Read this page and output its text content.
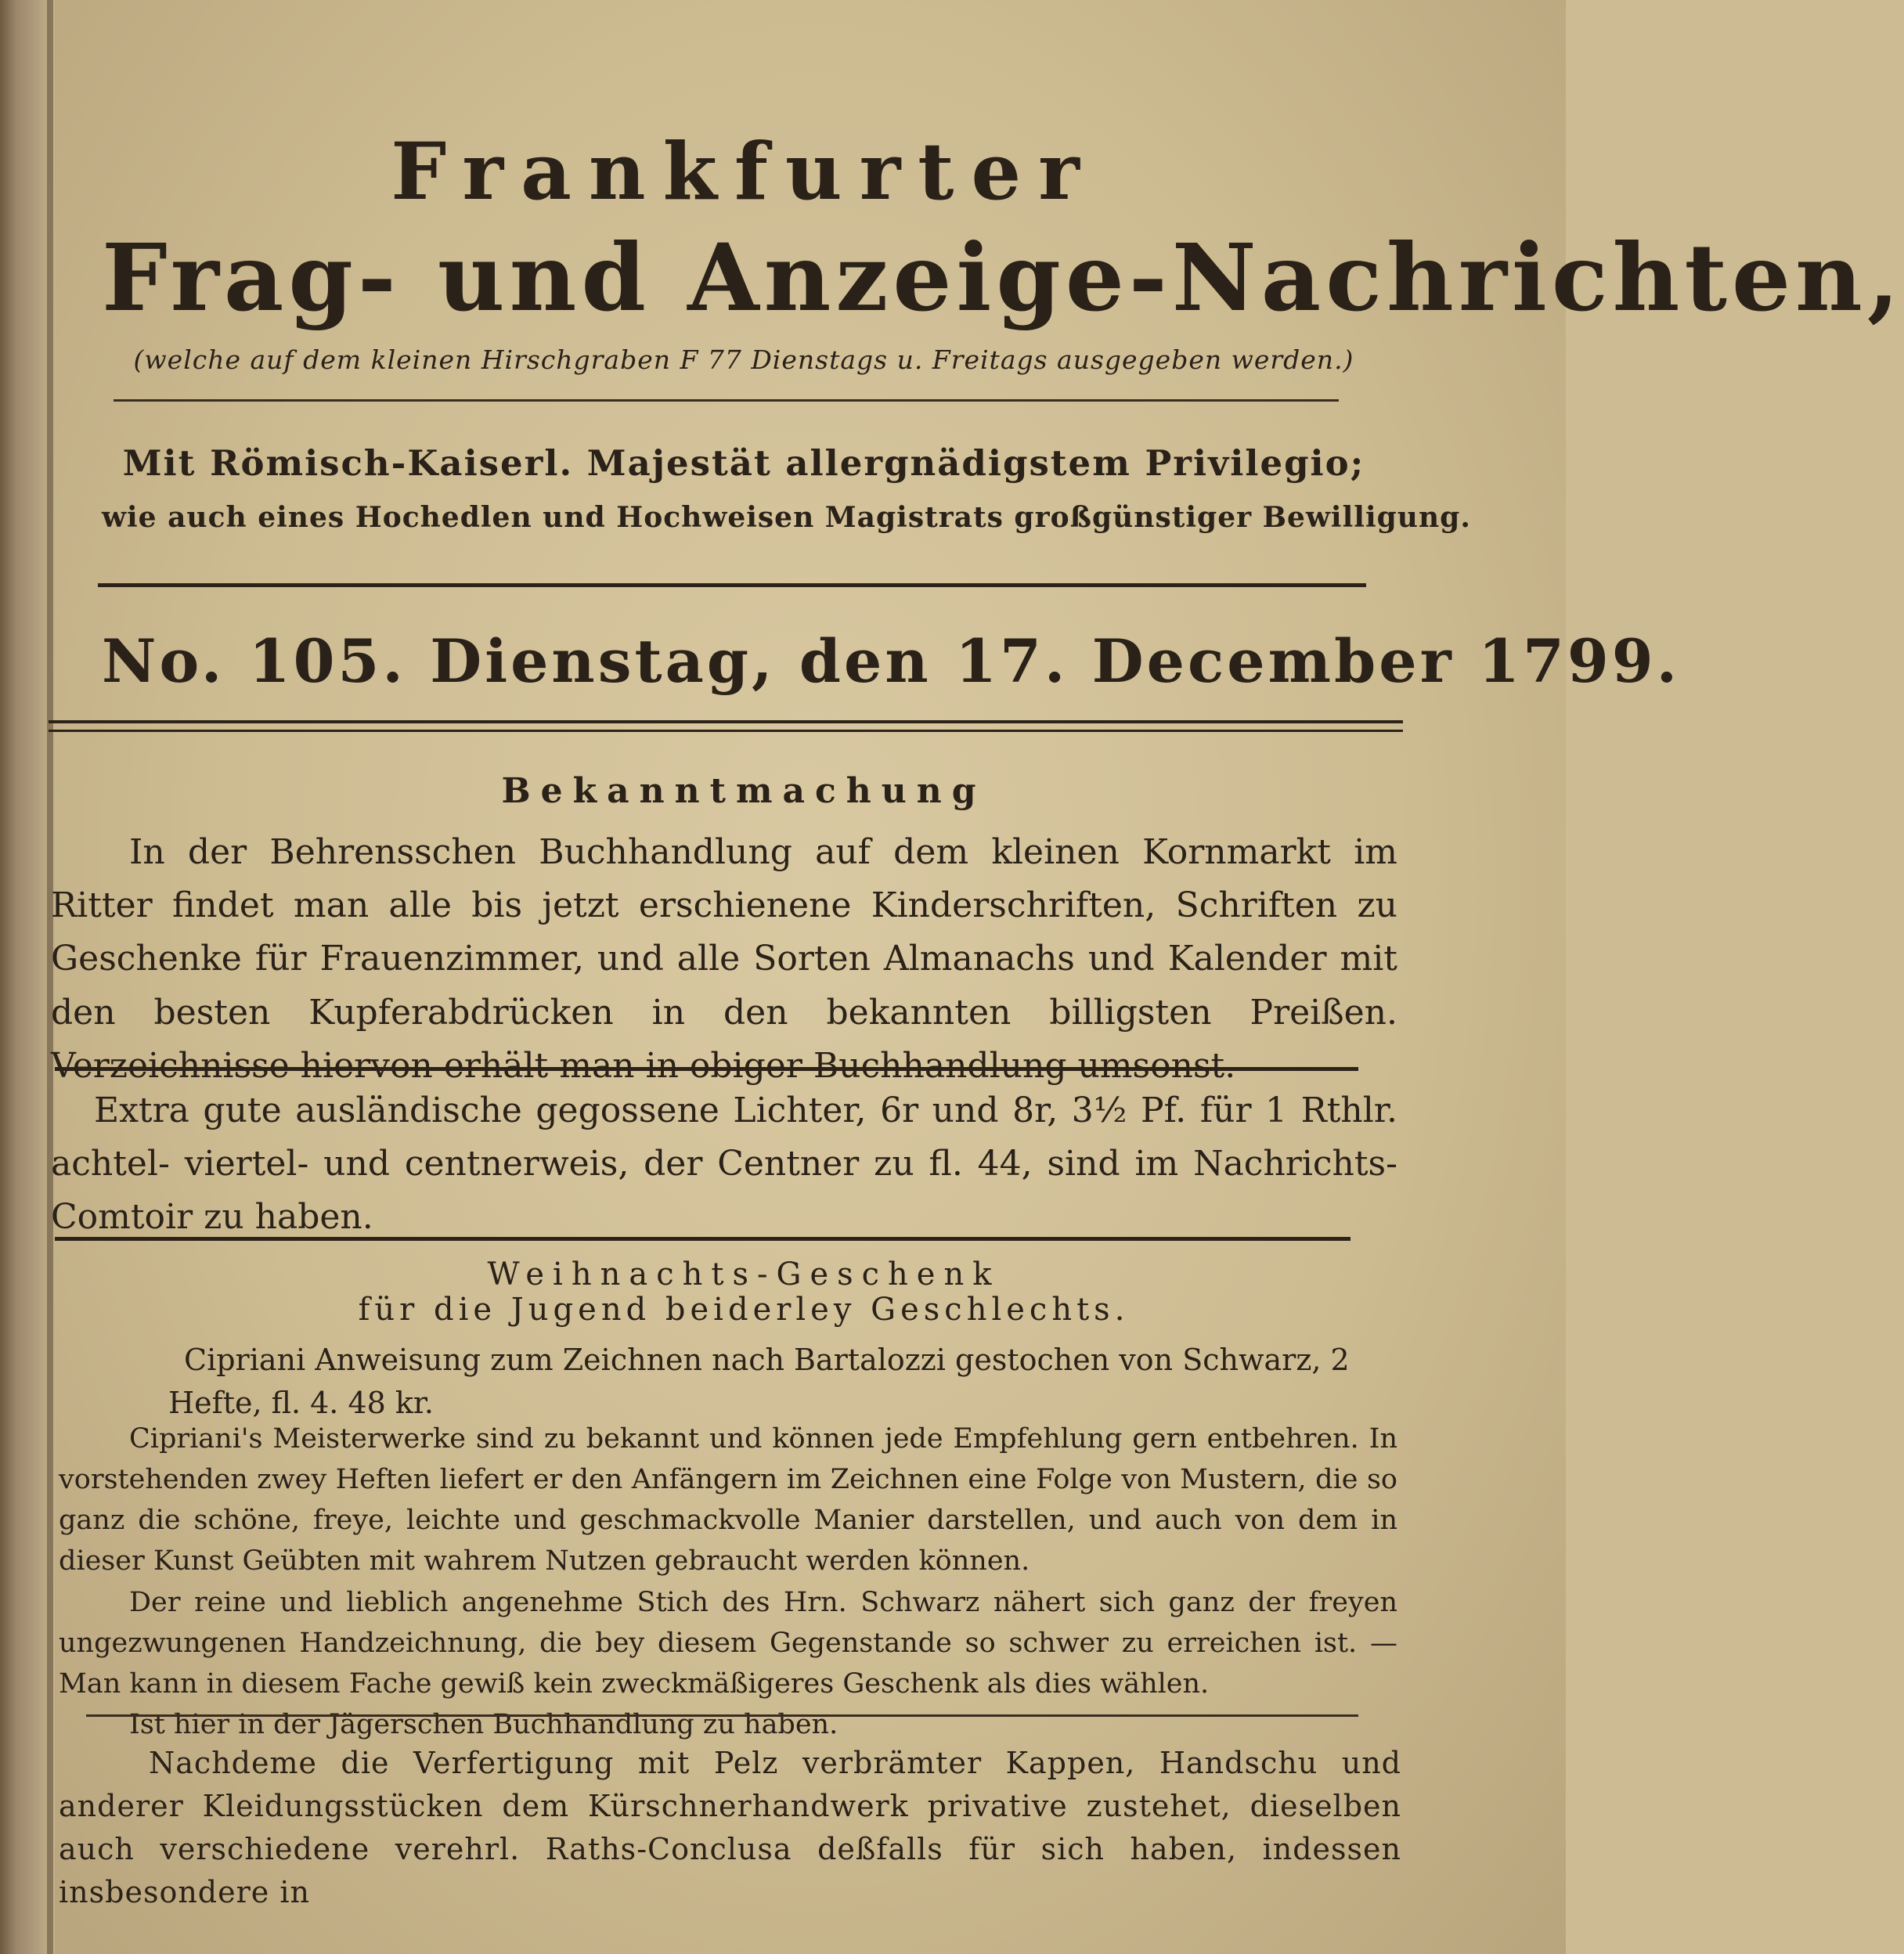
Frankfurter
Frag- und Anzeige-Nachrichten,
(welche auf dem kleinen Hirschgraben F 77 Dienstags u. Freitags ausgegeben werden.)
Mit Römisch-Kaiserl. Majestät allergnädigstem Privilegio;
wie auch eines Hochedlen und Hochweisen Magistrats großgünstiger Bewilligung.
No. 105. Dienstag, den 17. December 1799.
Bekanntmachung
In der Behrensschen Buchhandlung auf dem kleinen Kornmarkt im Ritter findet man alle bis jetzt erschienene Kinderschriften, Schriften zu Geschenke für Frauenzimmer, und alle Sorten Almanachs und Kalender mit den besten Kupferabdrücken in den bekannten billigsten Preißen. Verzeichnisse hiervon erhält man in obiger Buchhandlung umsonst.
Extra gute ausländische gegossene Lichter, 6r und 8r, 3½ Pf. für 1 Rthlr. achtel- viertel- und centnerweis, der Centner zu fl. 44, sind im Nachrichts-Comtoir zu haben.
Weihnachts-Geschenk
für die Jugend beiderley Geschlechts.
Cipriani Anweisung zum Zeichnen nach Bartalozzi gestochen von Schwarz, 2 Hefte, fl. 4. 48 kr.

Cipriani's Meisterwerke sind zu bekannt und können jede Empfehlung gern entbehren. In vorstehenden zwey Heften liefert er den Anfängern im Zeichnen eine Folge von Mustern, die so ganz die schöne, freye, leichte und geschmackvolle Manier darstellen, und auch von dem in dieser Kunst Geübten mit wahrem Nutzen gebraucht werden können.

Der reine und lieblich angenehme Stich des Hrn. Schwarz nähert sich ganz der freyen ungezwungenen Handzeichnung, die bey diesem Gegenstande so schwer zu erreichen ist. — Man kann in diesem Fache gewiß kein zweckmäßigeres Geschenk als dies wählen.

Ist hier in der Jägerschen Buchhandlung zu haben.

Nachdeme die Verfertigung mit Pelz verbrämter Kappen, Handschu und anderer Kleidungsstücken dem Kürschnerhandwerk privative zustehet, dieselben auch verschiedene verehrl. Raths-Conclusa deßfalls für sich haben, indessen insbesondere in
